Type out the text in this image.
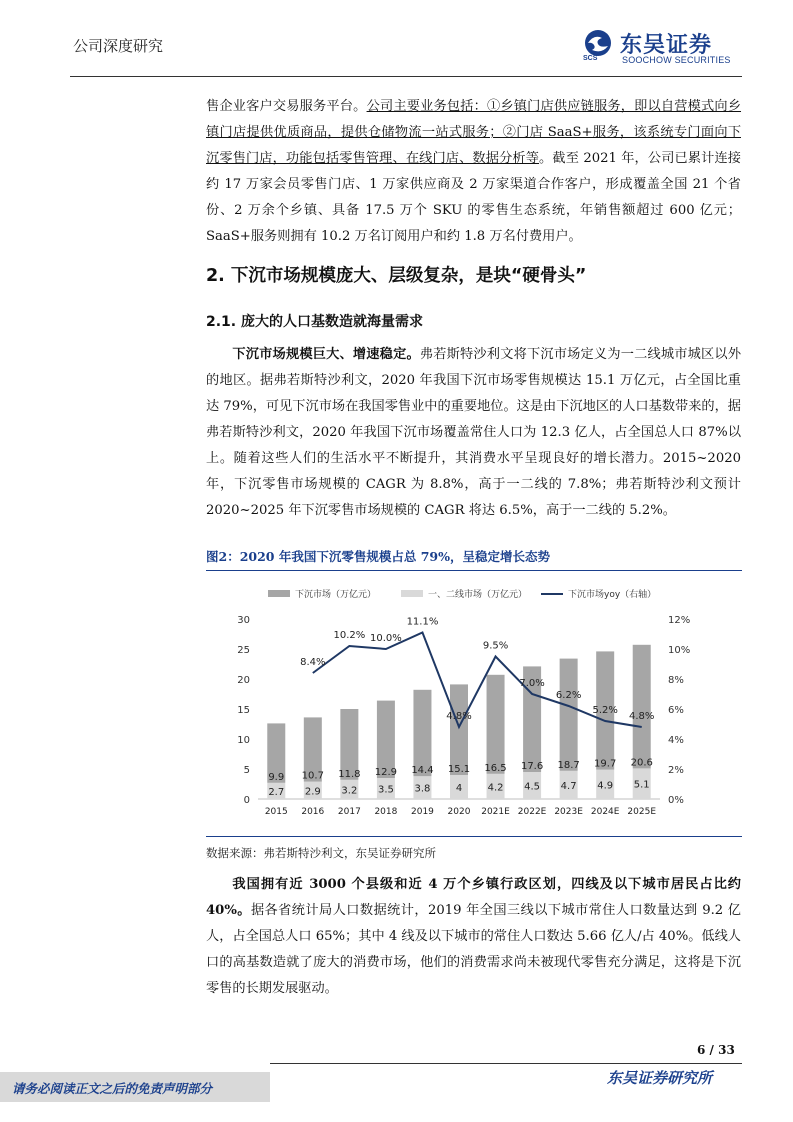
公司深度研究
SCS
东吴证券
SOOCHOW SECURITIES
售企业客户交易服务平台。公司主要业务包括：①乡镇门店供应链服务，即以自营模式向乡镇门店提供优质商品，提供仓储物流一站式服务；②门店 SaaS+服务，该系统专门面向下沉零售门店，功能包括零售管理、在线门店、数据分析等。截至 2021 年，公司已累计连接约 17 万家会员零售门店、1 万家供应商及 2 万家渠道合作客户，形成覆盖全国 21 个省份、2 万余个乡镇、具备 17.5 万个 SKU 的零售生态系统，年销售额超过 600 亿元；SaaS+服务则拥有 10.2 万名订阅用户和约 1.8 万名付费用户。
2. 下沉市场规模庞大、层级复杂，是块“硬骨头”
2.1. 庞大的人口基数造就海量需求
下沉市场规模巨大、增速稳定。弗若斯特沙利文将下沉市场定义为一二线城市城区以外的地区。据弗若斯特沙利文，2020 年我国下沉市场零售规模达 15.1 万亿元，占全国比重达 79%，可见下沉市场在我国零售业中的重要地位。这是由下沉地区的人口基数带来的，据弗若斯特沙利文，2020 年我国下沉市场覆盖常住人口为 12.3 亿人，占全国总人口 87%以上。随着这些人们的生活水平不断提升，其消费水平呈现良好的增长潜力。2015~2020 年，下沉零售市场规模的 CAGR 为 8.8%，高于一二线的 7.8%；弗若斯特沙利文预计 2020~2025 年下沉零售市场规模的 CAGR 将达 6.5%，高于一二线的 5.2%。
图2：2020 年我国下沉零售规模占总 79%，呈稳定增长态势
下沉市场（万亿元）	一、二线市场（万亿元）	下沉市场yoy（右轴）
0
5
10
15
20
25
30
0%
2%
4%
6%
8%
10%
12%
2.7
9.9
2.9
10.7
3.2
11.8
3.5
12.9
3.8
14.4
4
15.1
4.2
16.5
4.5
17.6
4.7
18.7
4.9
19.7
5.1
20.6
2015 2016 2017 2018 2019 2020 2021E 2022E 2023E 2024E 2025E
8.4%
10.2% 10.0%
11.1%
4.8%
9.5%
7.0%
6.2%
5.2%
4.8%
数据来源：弗若斯特沙利文，东吴证券研究所
我国拥有近 3000 个县级和近 4 万个乡镇行政区划，四线及以下城市居民占比约 40%。据各省统计局人口数据统计，2019 年全国三线以下城市常住人口数量达到 9.2 亿人，占全国总人口 65%；其中 4 线及以下城市的常住人口数达 5.66 亿人/占 40%。低线人口的高基数造就了庞大的消费市场，他们的消费需求尚未被现代零售充分满足，这将是下沉零售的长期发展驱动。
6 / 33
请务必阅读正文之后的免责声明部分
东吴证券研究所
